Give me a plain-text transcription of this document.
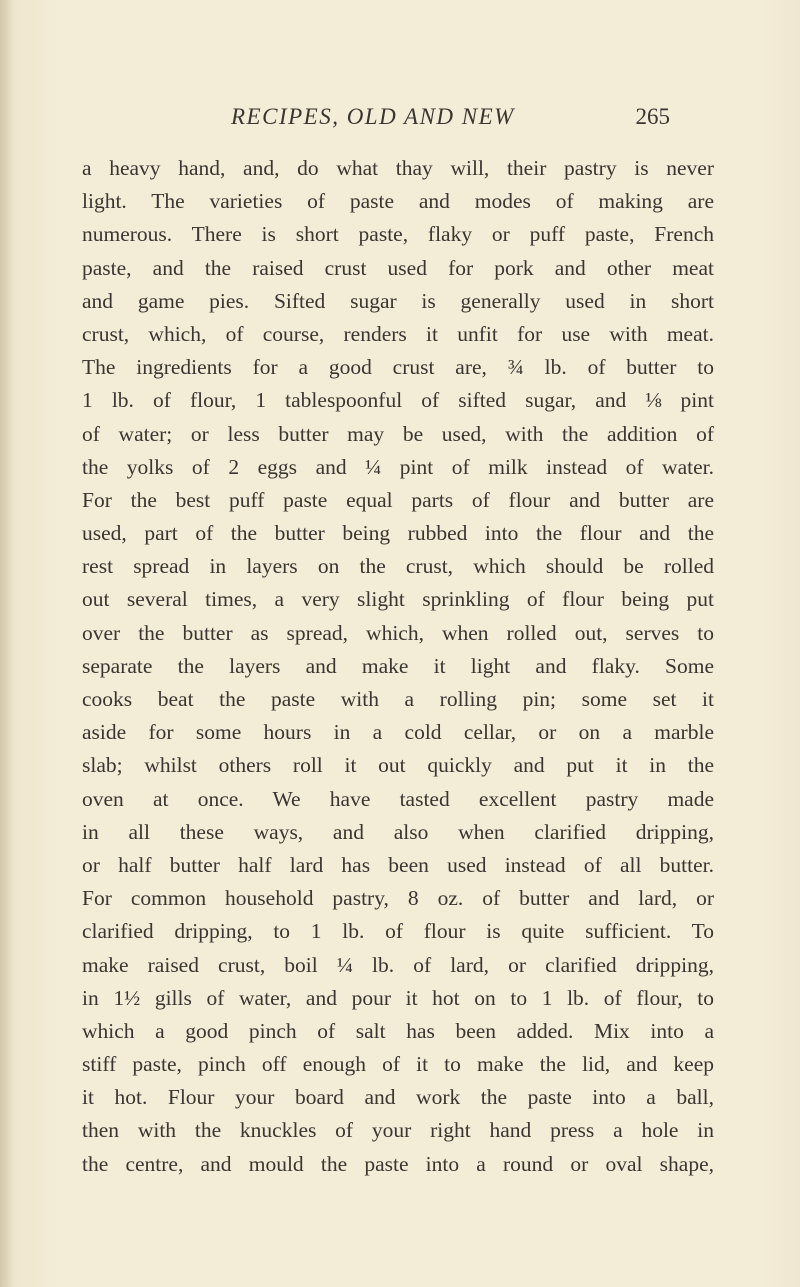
RECIPES, OLD AND NEW	265
a heavy hand, and, do what thay will, their pastry is never
light. The varieties of paste and modes of making are
numerous. There is short paste, flaky or puff paste, French
paste, and the raised crust used for pork and other meat
and game pies. Sifted sugar is generally used in short
crust, which, of course, renders it unfit for use with meat.
The ingredients for a good crust are, ¾ lb. of butter to
1 lb. of flour, 1 tablespoonful of sifted sugar, and ⅛ pint
of water; or less butter may be used, with the addition of
the yolks of 2 eggs and ¼ pint of milk instead of water.
For the best puff paste equal parts of flour and butter are
used, part of the butter being rubbed into the flour and the
rest spread in layers on the crust, which should be rolled
out several times, a very slight sprinkling of flour being put
over the butter as spread, which, when rolled out, serves to
separate the layers and make it light and flaky. Some
cooks beat the paste with a rolling pin; some set it
aside for some hours in a cold cellar, or on a marble
slab; whilst others roll it out quickly and put it in the
oven at once. We have tasted excellent pastry made
in all these ways, and also when clarified dripping,
or half butter half lard has been used instead of all butter.
For common household pastry, 8 oz. of butter and lard, or
clarified dripping, to 1 lb. of flour is quite sufficient. To
make raised crust, boil ¼ lb. of lard, or clarified dripping,
in 1½ gills of water, and pour it hot on to 1 lb. of flour, to
which a good pinch of salt has been added. Mix into a
stiff paste, pinch off enough of it to make the lid, and keep
it hot. Flour your board and work the paste into a ball,
then with the knuckles of your right hand press a hole in
the centre, and mould the paste into a round or oval shape,
